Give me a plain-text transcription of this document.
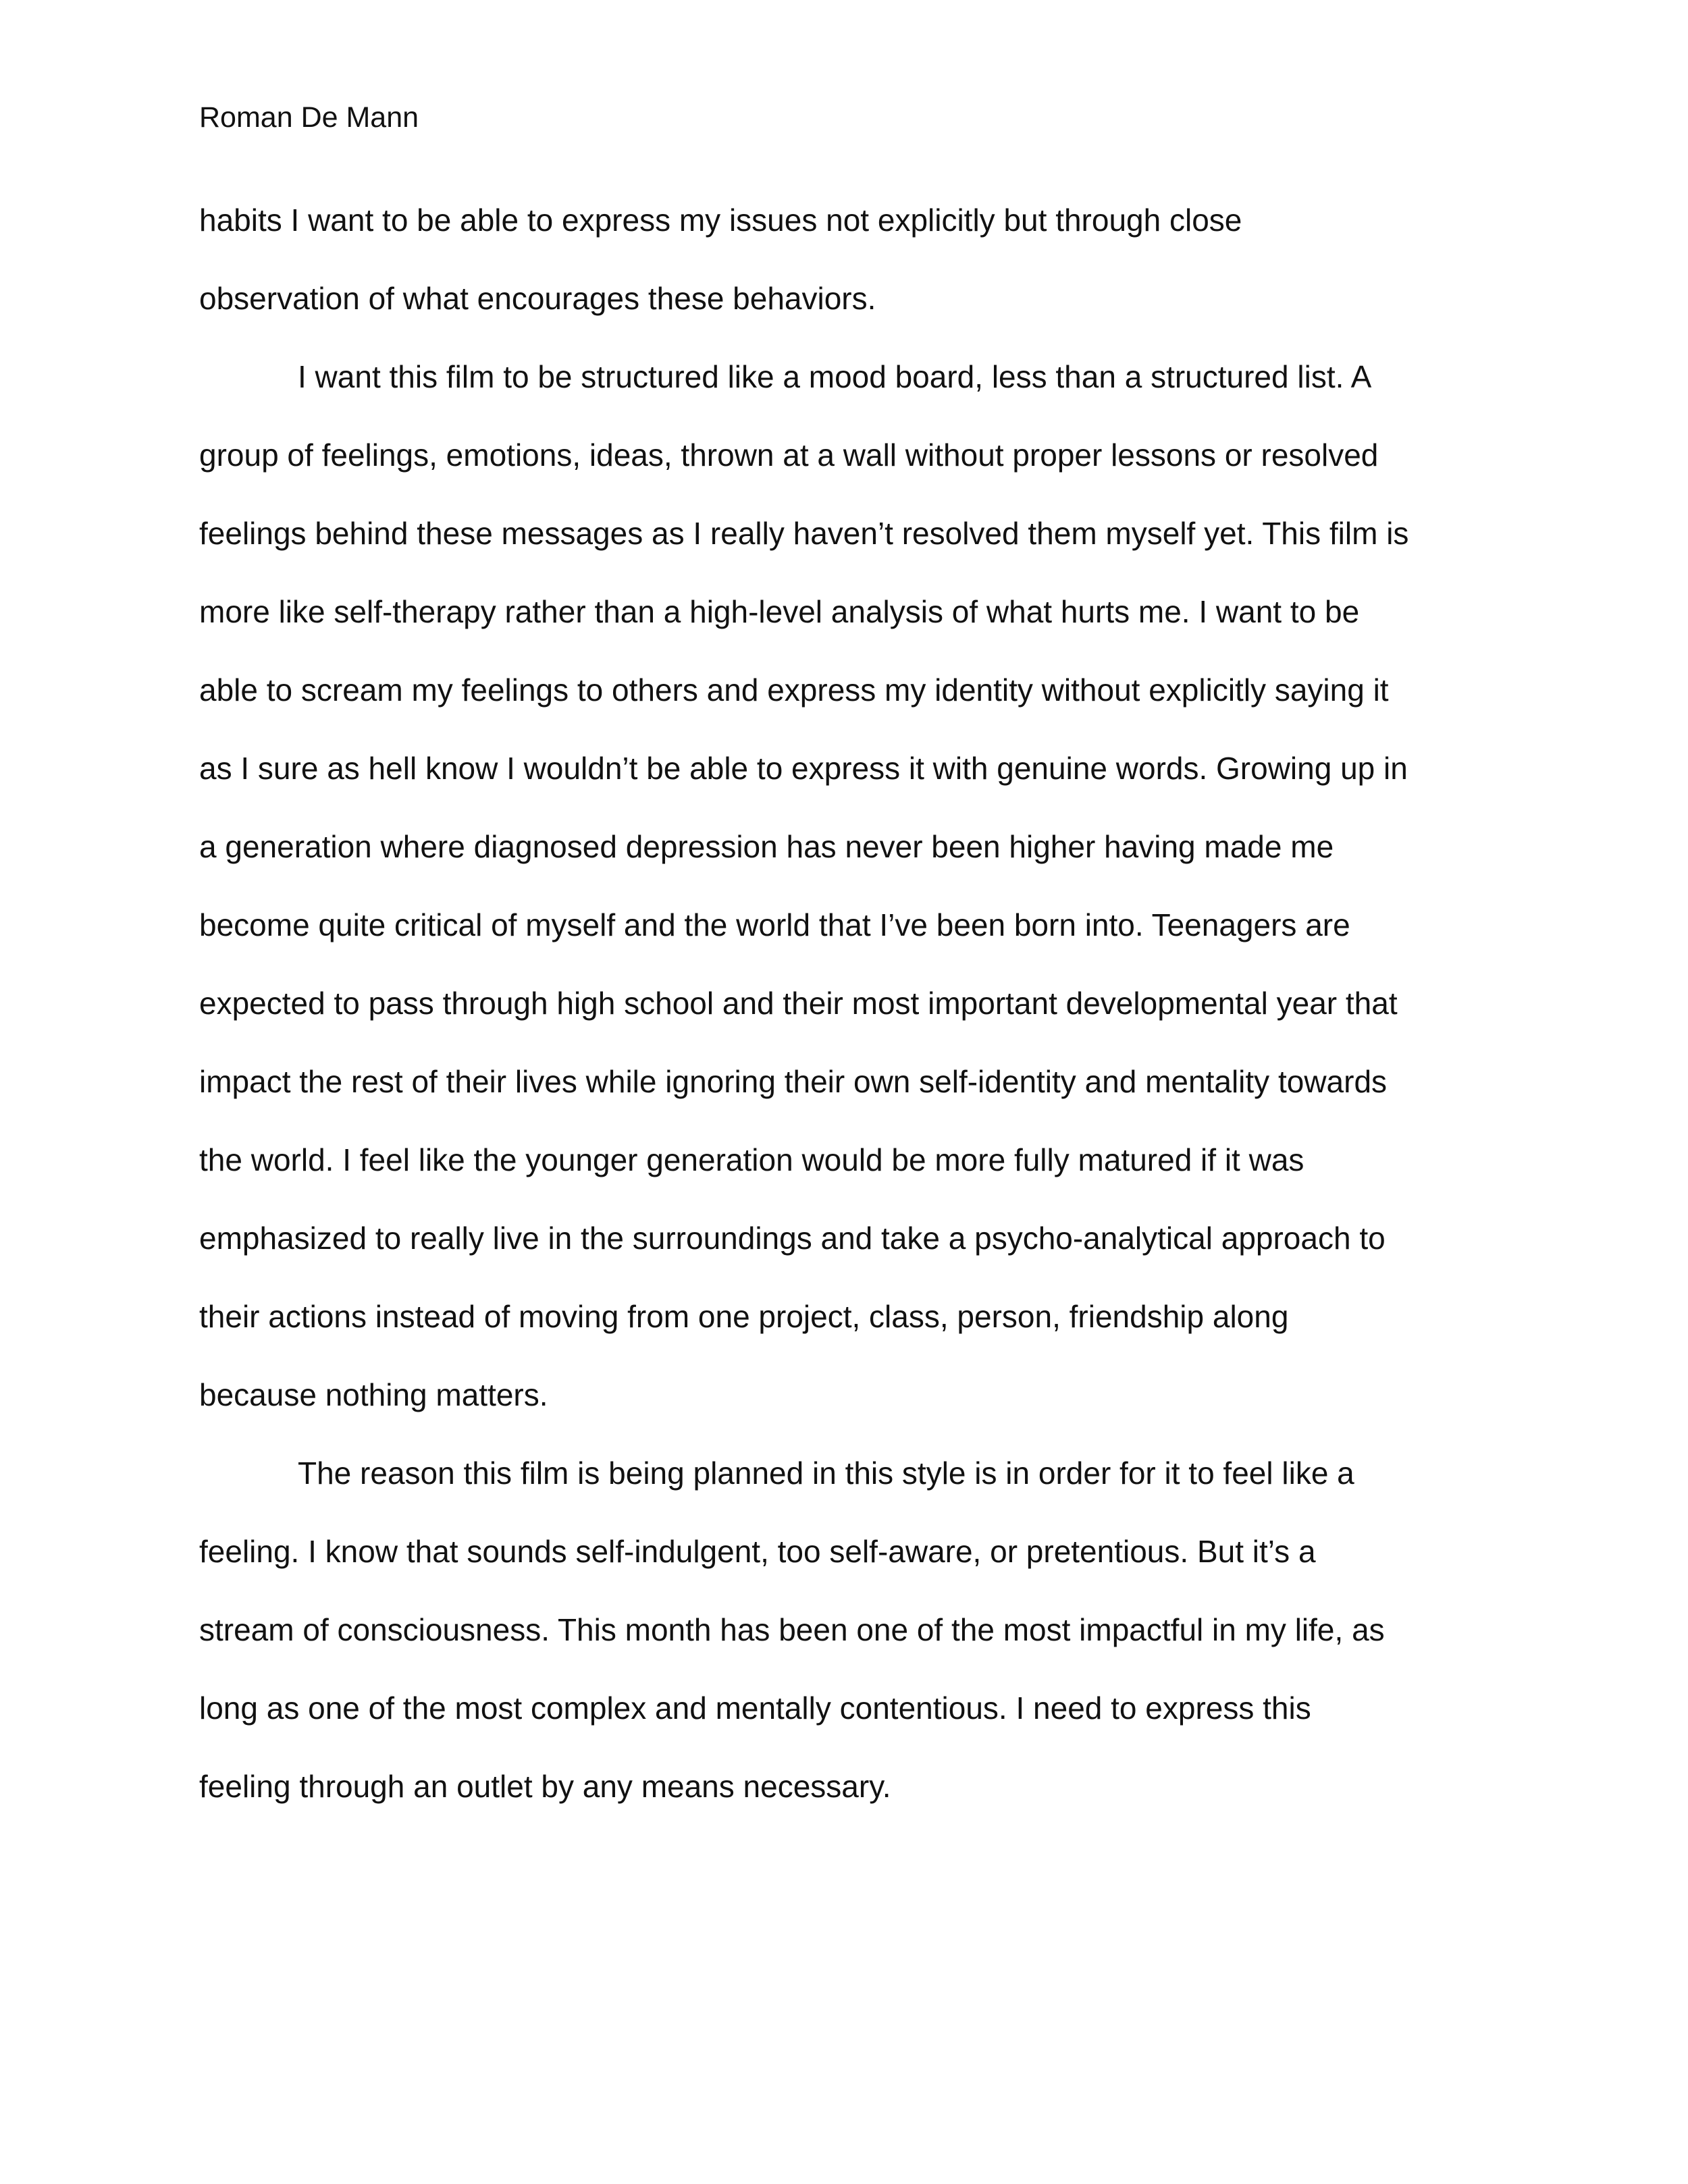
Roman De Mann
habits I want to be able to express my issues not explicitly but through close
observation of what encourages these behaviors.
I want this film to be structured like a mood board, less than a structured list. A
group of feelings, emotions, ideas, thrown at a wall without proper lessons or resolved
feelings behind these messages as I really haven’t resolved them myself yet. This film is
more like self-therapy rather than a high-level analysis of what hurts me. I want to be
able to scream my feelings to others and express my identity without explicitly saying it
as I sure as hell know I wouldn’t be able to express it with genuine words. Growing up in
a generation where diagnosed depression has never been higher having made me
become quite critical of myself and the world that I’ve been born into. Teenagers are
expected to pass through high school and their most important developmental year that
impact the rest of their lives while ignoring their own self-identity and mentality towards
the world. I feel like the younger generation would be more fully matured if it was
emphasized to really live in the surroundings and take a psycho-analytical approach to
their actions instead of moving from one project, class, person, friendship along
because nothing matters.
The reason this film is being planned in this style is in order for it to feel like a
feeling. I know that sounds self-indulgent, too self-aware, or pretentious. But it’s a
stream of consciousness. This month has been one of the most impactful in my life, as
long as one of the most complex and mentally contentious. I need to express this
feeling through an outlet by any means necessary.
